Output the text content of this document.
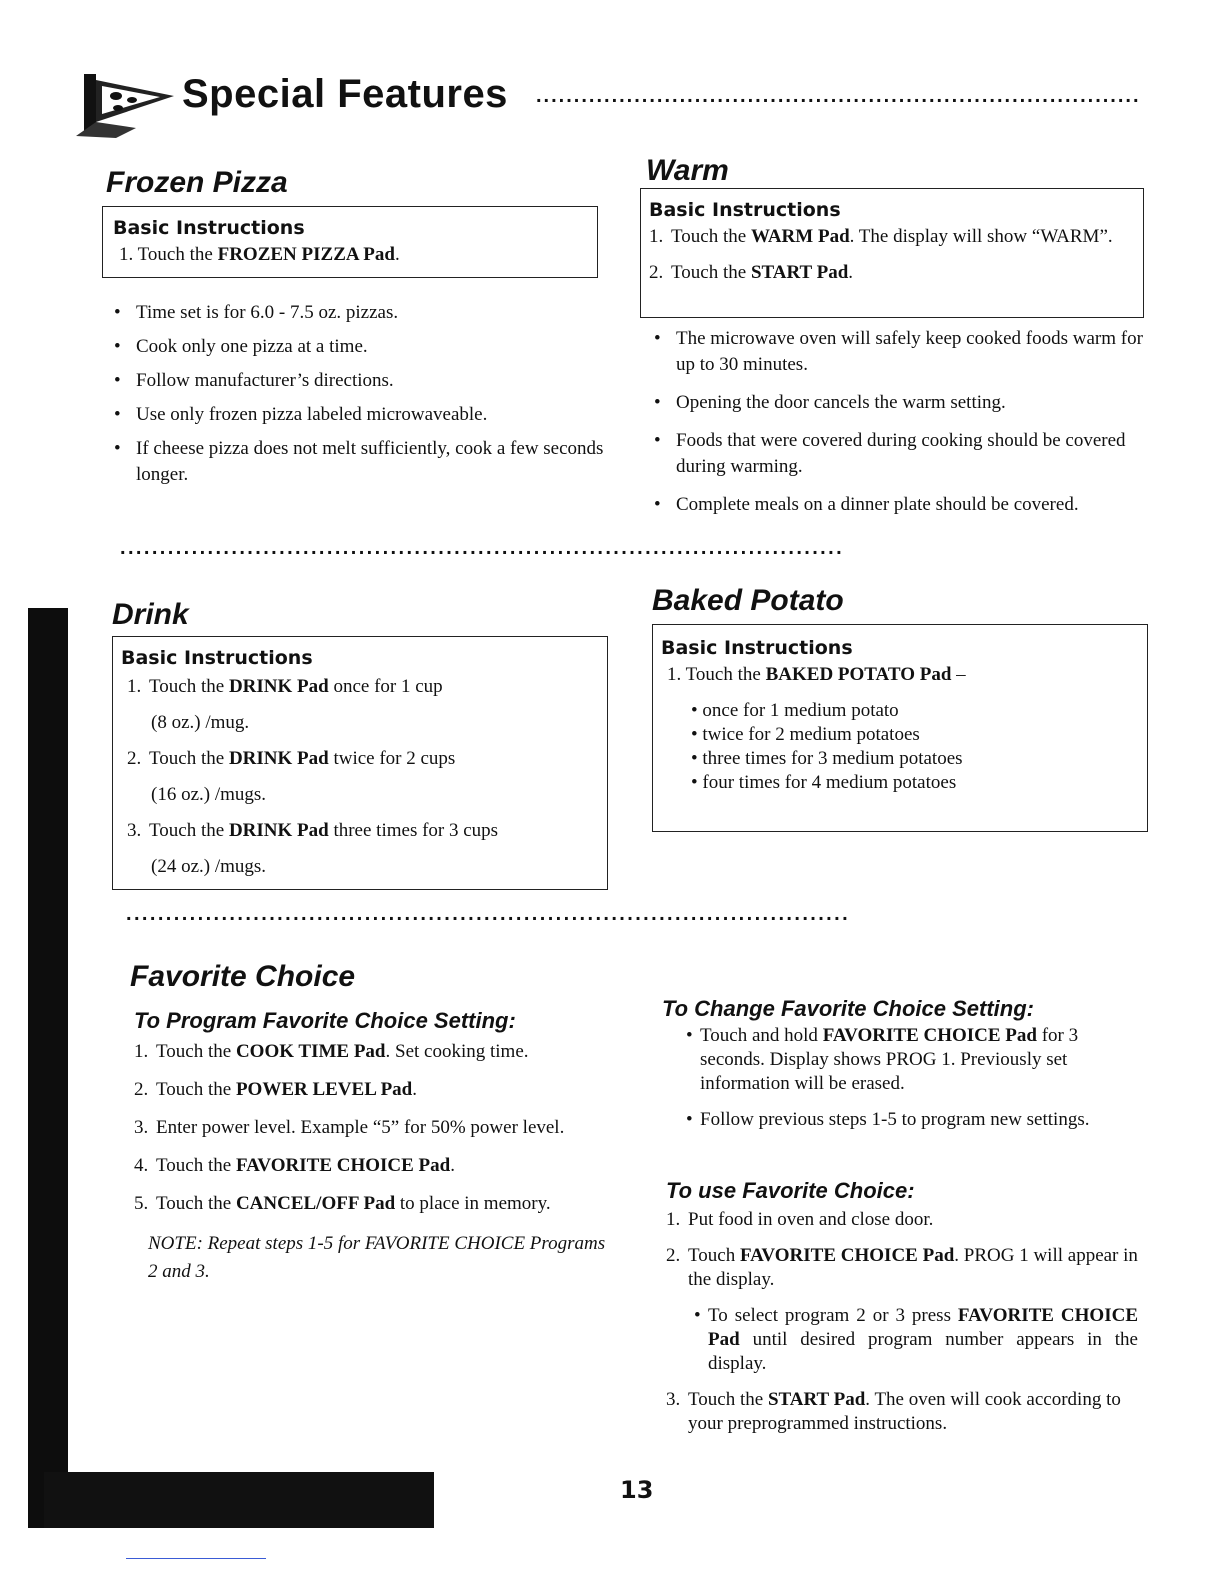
Special Features ................................................................................
Frozen Pizza
Basic Instructions
1. Touch the FROZEN PIZZA Pad.
• Time set is for 6.0 - 7.5 oz. pizzas.
• Cook only one pizza at a time.
• Follow manufacturer’s directions.
• Use only frozen pizza labeled microwaveable.
• If cheese pizza does not melt sufficiently, cook a few seconds longer.
Warm
Basic Instructions
1. Touch the WARM Pad. The display will show “WARM”.
2. Touch the START Pad.
• The microwave oven will safely keep cooked foods warm for up to 30 minutes.
• Opening the door cancels the warm setting.
• Foods that were covered during cooking should be covered during warming.
• Complete meals on a dinner plate should be covered.
...........................................................................................
Drink
Basic Instructions
1. Touch the DRINK Pad once for 1 cup
(8 oz.) /mug.
2. Touch the DRINK Pad twice for 2 cups
(16 oz.) /mugs.
3. Touch the DRINK Pad three times for 3 cups
(24 oz.) /mugs.
Baked Potato
Basic Instructions
1. Touch the BAKED POTATO Pad –
• once for 1 medium potato
• twice for 2 medium potatoes
• three times for 3 medium potatoes
• four times for 4 medium potatoes
...........................................................................................
Favorite Choice
To Program Favorite Choice Setting:
1. Touch the COOK TIME Pad. Set cooking time.
2. Touch the POWER LEVEL Pad.
3. Enter power level. Example “5” for 50% power level.
4. Touch the FAVORITE CHOICE Pad.
5. Touch the CANCEL/OFF Pad to place in memory.
NOTE: Repeat steps 1-5 for FAVORITE CHOICE Programs 2 and 3.
To Change Favorite Choice Setting:
• Touch and hold FAVORITE CHOICE Pad for 3 seconds. Display shows PROG 1. Previously set information will be erased.
• Follow previous steps 1-5 to program new settings.
To use Favorite Choice:
1. Put food in oven and close door.
2. Touch FAVORITE CHOICE Pad. PROG 1 will appear in the display.
• To select program 2 or 3 press FAVORITE CHOICE Pad until desired program number appears in the display.
3. Touch the START Pad. The oven will cook according to your preprogrammed instructions.
13
